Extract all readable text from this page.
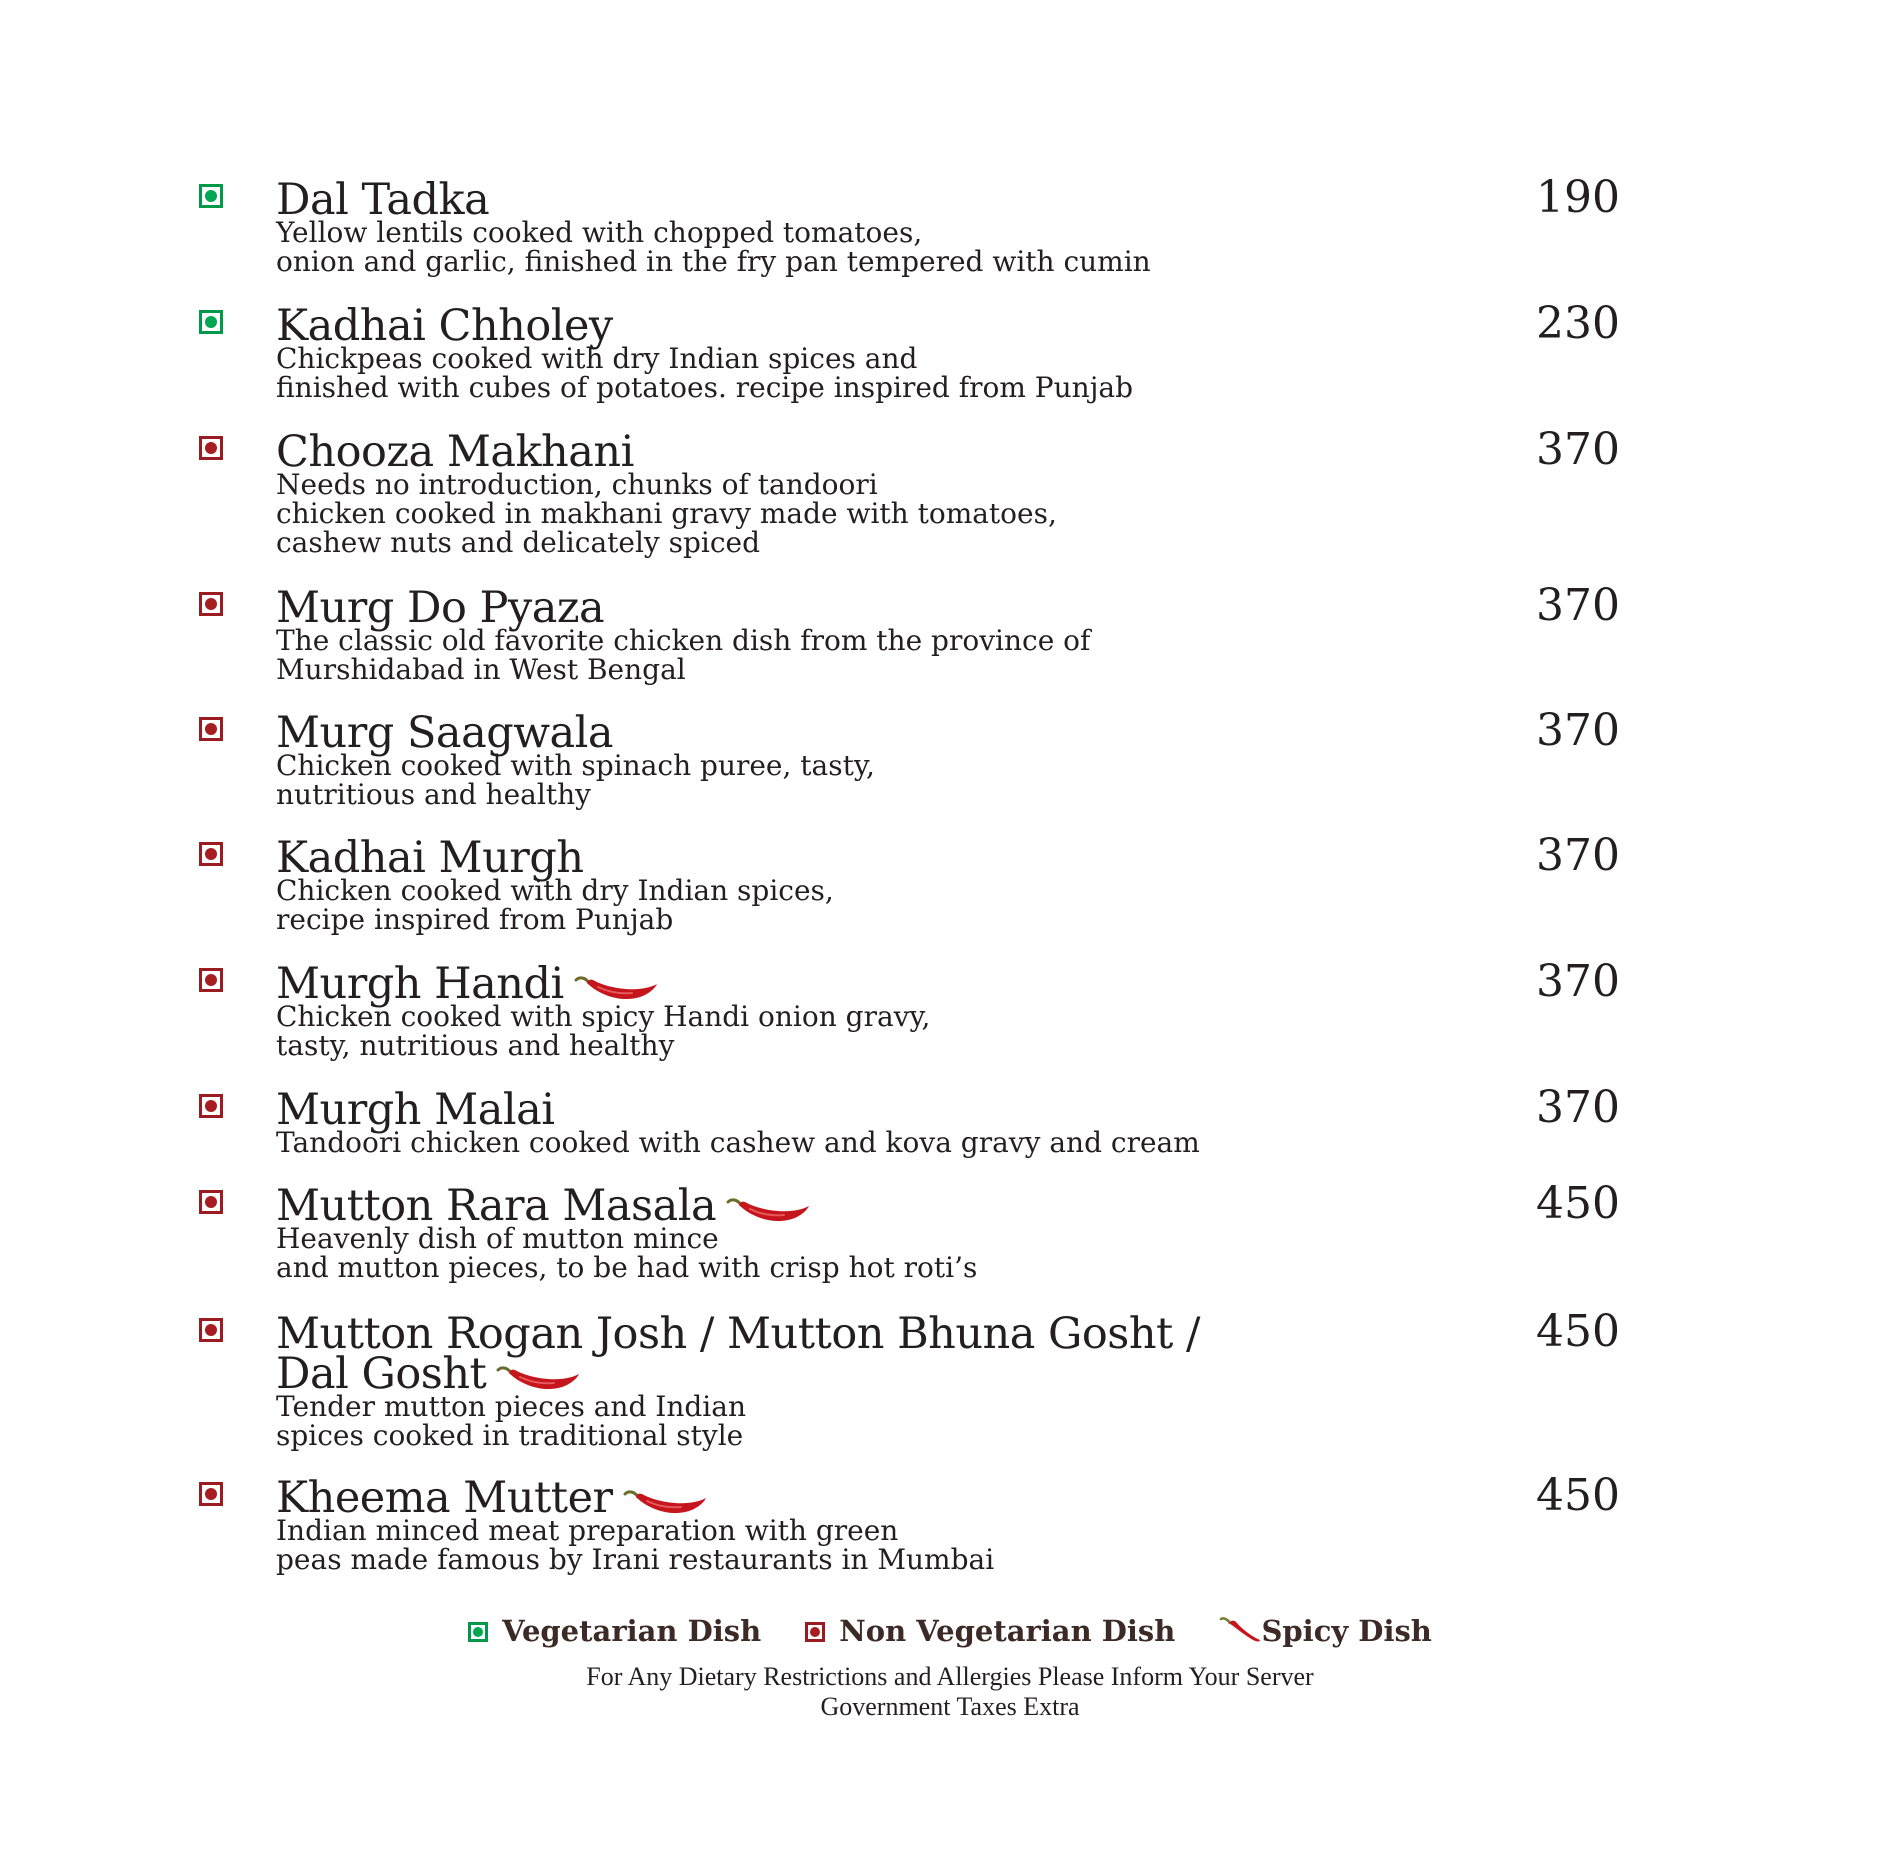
Dal Tadka
Yellow lentils cooked with chopped tomatoes,
onion and garlic, finished in the fry pan tempered with cumin
190
Kadhai Chholey
Chickpeas cooked with dry Indian spices and
finished with cubes of potatoes. recipe inspired from Punjab
230
Chooza Makhani
Needs no introduction, chunks of tandoori
chicken cooked in makhani gravy made with tomatoes,
cashew nuts and delicately spiced
370
Murg Do Pyaza
The classic old favorite chicken dish from the province of
Murshidabad in West Bengal
370
Murg Saagwala
Chicken cooked with spinach puree, tasty,
nutritious and healthy
370
Kadhai Murgh
Chicken cooked with dry Indian spices,
recipe inspired from Punjab
370
Murgh Handi
Chicken cooked with spicy Handi onion gravy,
tasty, nutritious and healthy
370
Murgh Malai
Tandoori chicken cooked with cashew and kova gravy and cream
370
Mutton Rara Masala
Heavenly dish of mutton mince
and mutton pieces, to be had with crisp hot roti’s
450
Mutton Rogan Josh / Mutton Bhuna Gosht /
Dal Gosht
Tender mutton pieces and Indian
spices cooked in traditional style
450
Kheema Mutter
Indian minced meat preparation with green
peas made famous by Irani restaurants in Mumbai
450
Vegetarian Dish	Non Vegetarian Dish	Spicy Dish
For Any Dietary Restrictions and Allergies Please Inform Your Server
Government Taxes Extra
